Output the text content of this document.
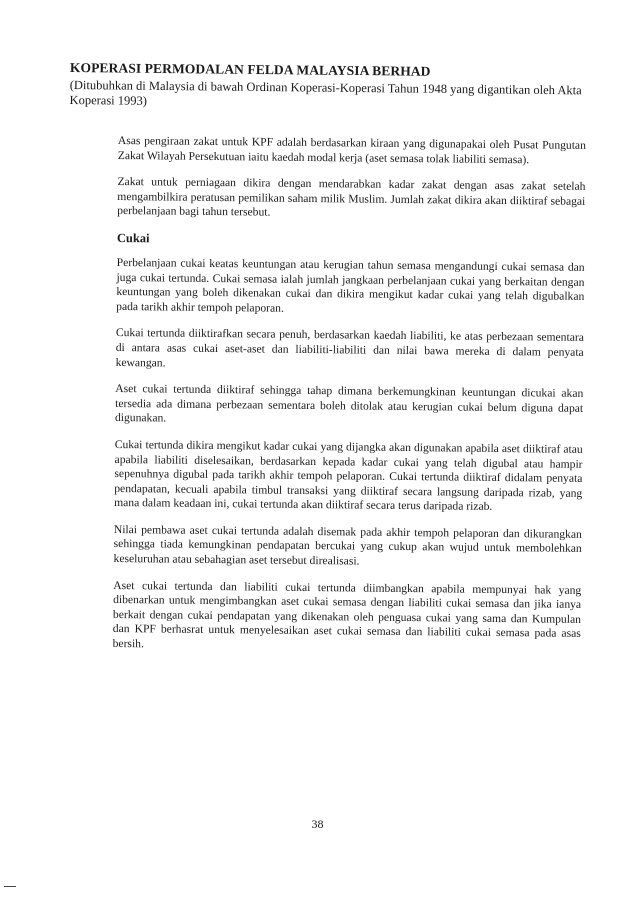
KOPERASI PERMODALAN FELDA MALAYSIA BERHAD

(Ditubuhkan di Malaysia di bawah Ordinan Koperasi-Koperasi Tahun 1948 yang digantikan oleh Akta Koperasi 1993)

Asas pengiraan zakat untuk KPF adalah berdasarkan kiraan yang digunapakai oleh Pusat Pungutan Zakat Wilayah Persekutuan iaitu kaedah modal kerja (aset semasa tolak liabiliti semasa).

Zakat untuk perniagaan dikira dengan mendarabkan kadar zakat dengan asas zakat setelah mengambilkira peratusan pemilikan saham milik Muslim. Jumlah zakat dikira akan diiktiraf sebagai perbelanjaan bagi tahun tersebut.

Cukai

Perbelanjaan cukai keatas keuntungan atau kerugian tahun semasa mengandungi cukai semasa dan juga cukai tertunda. Cukai semasa ialah jumlah jangkaan perbelanjaan cukai yang berkaitan dengan keuntungan yang boleh dikenakan cukai dan dikira mengikut kadar cukai yang telah digubalkan pada tarikh akhir tempoh pelaporan.

Cukai tertunda diiktirafkan secara penuh, berdasarkan kaedah liabiliti, ke atas perbezaan sementara di antara asas cukai aset-aset dan liabiliti-liabiliti dan nilai bawa mereka di dalam penyata kewangan.

Aset cukai tertunda diiktiraf sehingga tahap dimana berkemungkinan keuntungan dicukai akan tersedia ada dimana perbezaan sementara boleh ditolak atau kerugian cukai belum diguna dapat digunakan.

Cukai tertunda dikira mengikut kadar cukai yang dijangka akan digunakan apabila aset diiktiraf atau apabila liabiliti diselesaikan, berdasarkan kepada kadar cukai yang telah digubal atau hampir sepenuhnya digubal pada tarikh akhir tempoh pelaporan. Cukai tertunda diiktiraf didalam penyata pendapatan, kecuali apabila timbul transaksi yang diiktiraf secara langsung daripada rizab, yang mana dalam keadaan ini, cukai tertunda akan diiktiraf secara terus daripada rizab.

Nilai pembawa aset cukai tertunda adalah disemak pada akhir tempoh pelaporan dan dikurangkan sehingga tiada kemungkinan pendapatan bercukai yang cukup akan wujud untuk membolehkan keseluruhan atau sebahagian aset tersebut direalisasi.

Aset cukai tertunda dan liabiliti cukai tertunda diimbangkan apabila mempunyai hak yang dibenarkan untuk mengimbangkan aset cukai semasa dengan liabiliti cukai semasa dan jika ianya berkait dengan cukai pendapatan yang dikenakan oleh penguasa cukai yang sama dan Kumpulan dan KPF berhasrat untuk menyelesaikan aset cukai semasa dan liabiliti cukai semasa pada asas bersih.

38
